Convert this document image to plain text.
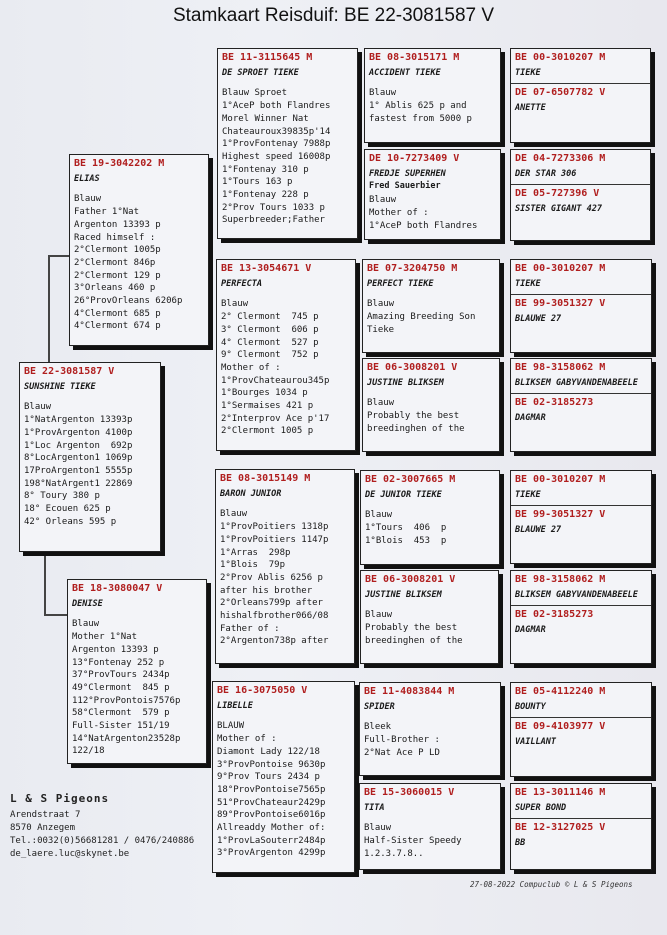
Stamkaart Reisduif: BE 22-3081587 V
BE 22-3081587 V
SUNSHINE TIEKE
Blauw
1°NatArgenton 13393p
1°ProvArgenton 4100p
1°Loc Argenton  692p
8°LocArgenton1 1069p
17ProArgenton1 5555p
198°NatArgent1 22869
8° Toury 380 p
18° Ecouen 625 p
42° Orleans 595 p
BE 19-3042202 M
ELIAS
Blauw
Father 1°Nat
Argenton 13393 p
Raced himself :
2°Clermont 1005p
2°Clermont 846p
2°Clermont 129 p
3°Orleans 460 p
26°ProvOrleans 6206p
4°Clermont 685 p
4°Clermont 674 p
BE 18-3080047 V
DENISE
Blauw
Mother 1°Nat
Argenton 13393 p
13°Fontenay 252 p
37°ProvTours 2434p
49°Clermont  845 p
112°ProvPontois7576p
58°Clermont  579 p
Full-Sister 151/19
14°NatArgenton23528p
122/18
BE 11-3115645 M
DE SPROET TIEKE
Blauw Sproet
1°AceP both Flandres
Morel Winner Nat
Chateauroux39835p'14
1°ProvFontenay 7988p
Highest speed 16008p
1°Fontenay 310 p
1°Tours 163 p
1°Fontenay 228 p
2°Prov Tours 1033 p
Superbreeder;Father
BE 13-3054671 V
PERFECTA
Blauw
2° Clermont  745 p
3° Clermont  606 p
4° Clermont  527 p
9° Clermont  752 p
Mother of :
1°ProvChateaurou345p
1°Bourges 1034 p
1°Sermaises 421 p
2°Interprov Ace p'17
2°Clermont 1005 p
BE 08-3015149 M
BARON JUNIOR
Blauw
1°ProvPoitiers 1318p
1°ProvPoitiers 1147p
1°Arras  298p
1°Blois  79p
2°Prov Ablis 6256 p
after his brother
2°Orleans799p after
hishalfbrother066/08
Father of :
2°Argenton738p after
BE 16-3075050 V
LIBELLE
BLAUW
Mother of :
Diamont Lady 122/18
3°ProvPontoise 9630p
9°Prov Tours 2434 p
18°ProvPontoise7565p
51°ProvChateaur2429p
89°ProvPontoise6016p
Allreaddy Mother of:
1°ProvLaSouterr2484p
3°ProvArgenton 4299p
BE 08-3015171 M
ACCIDENT TIEKE
Blauw
1° Ablis 625 p and
fastest from 5000 p
DE 10-7273409 V
FREDJE SUPERHEN
Fred Sauerbier
Blauw
Mother of :
1°AceP both Flandres
BE 07-3204750 M
PERFECT TIEKE
Blauw
Amazing Breeding Son
Tieke
BE 06-3008201 V
JUSTINE BLIKSEM
Blauw
Probably the best
breedinghen of the
BE 02-3007665 M
DE JUNIOR TIEKE
Blauw
1°Tours  406  p
1°Blois  453  p
BE 06-3008201 V
JUSTINE BLIKSEM
Blauw
Probably the best
breedinghen of the
BE 11-4083844 M
SPIDER
Bleek
Full-Brother :
2°Nat Ace P LD
BE 15-3060015 V
TITA
Blauw
Half-Sister Speedy
1.2.3.7.8..
BE 00-3010207 M
TIEKE
DE 07-6507782 V
ANETTE
DE 04-7273306 M
DER STAR 306
DE 05-727396 V
SISTER GIGANT 427
BE 00-3010207 M
TIEKE
BE 99-3051327 V
BLAUWE 27
BE 98-3158062 M
BLIKSEM GABYVANDENABEELE
BE 02-3185273
DAGMAR
BE 00-3010207 M
TIEKE
BE 99-3051327 V
BLAUWE 27
BE 98-3158062 M
BLIKSEM GABYVANDENABEELE
BE 02-3185273
DAGMAR
BE 05-4112240 M
BOUNTY
BE 09-4103977 V
VAILLANT
BE 13-3011146 M
SUPER BOND
BE 12-3127025 V
BB
L & S Pigeons
Arendstraat 7
8570 Anzegem
Tel.:0032(0)56681281 / 0476/240886
de_laere.luc@skynet.be
27-08-2022 Compuclub © L & S Pigeons
